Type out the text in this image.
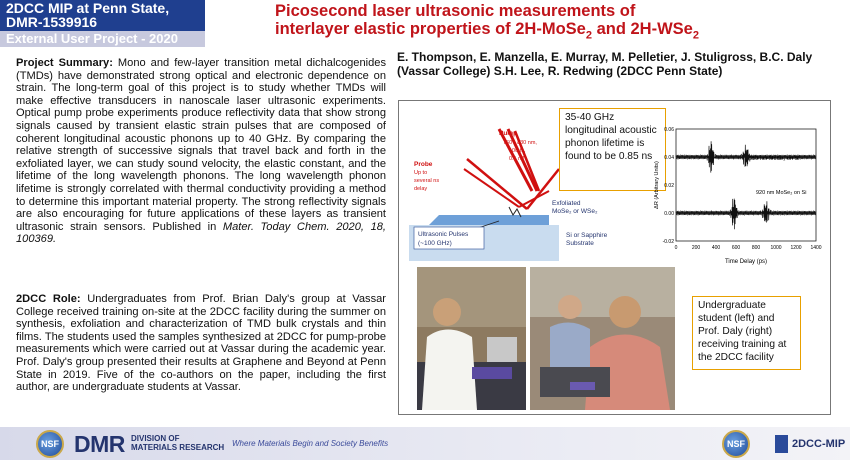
2DCC MIP at Penn State,
DMR-1539916
External User Project - 2020
Picosecond laser ultrasonic measurements of
interlayer elastic properties of 2H-MoSe$_2$ and 2H-WSe$_2$
E. Thompson, E. Manzella, E. Murray, M. Pelletier, J. Stuligross, B.C. Daly (Vassar College) S.H. Lee, R. Redwing (2DCC Penn State)
Project Summary: Mono and few-layer transition metal dichalcogenides (TMDs) have demonstrated strong optical and electronic dependence on strain. The long-term goal of this project is to study whether TMDs will make effective transducers in nanoscale laser ultrasonic experiments. Optical pump probe experiments produce reflectivity data that show strong signals caused by transient elastic strain pulses that are composed of coherent longitudinal acoustic phonons up to 40 GHz. By comparing the relative strength of successive signals that travel back and forth in the exfoliated layer, we can study sound velocity, the elastic constant, and the lifetime of the long wavelength phonons. The long wavelength phonon lifetime is strongly correlated with thermal conductivity providing a method to determine this important material property. The strong reflectivity signals are also encouraging for future applications of these layers as transient ultrasonic strain sensors. Published in Mater. Today Chem. 2020, 18, 100369.
2DCC Role: Undergraduates from Prof. Brian Daly's group at Vassar College received training on-site at the 2DCC facility during the summer on synthesis, exfoliation and characterization of TMD bulk crystals and thin films. The students used the samples synthesized at 2DCC for pump-probe measurements which were carried out at Vassar during the academic year. Prof. Daly's group presented their results at Graphene and Beyond at Penn State in 2019. Five of the co-authors on the paper, including the first author, are undergraduate students at Vassar.
Ultrasonic Pulses
(~100 GHz)
Pump
760 - 830 nm,
100 fs,
0.1 nJ
Probe
Up to
several ns
delay
Exfoliated
MoSe₂ or WSe₂
Si or Sapphire
Substrate
35-40 GHz longitudinal acoustic phonon lifetime is found to be 0.85 ns
0.06
0.04
0.02
0.00
-0.02
0	200 400 600 800 1000 1200 1400
350 nm MoSe₂ on Si
920 nm MoSe₂ on Si
Time Delay (ps)
ΔR (Arbitrary Units)
Undergraduate student (left) and Prof. Daly (right) receiving training at the 2DCC facility
NSF DMR DIVISION OF
MATERIALS RESEARCH Where Materials Begin and Society Benefits	NSF	2DCC-MIP
